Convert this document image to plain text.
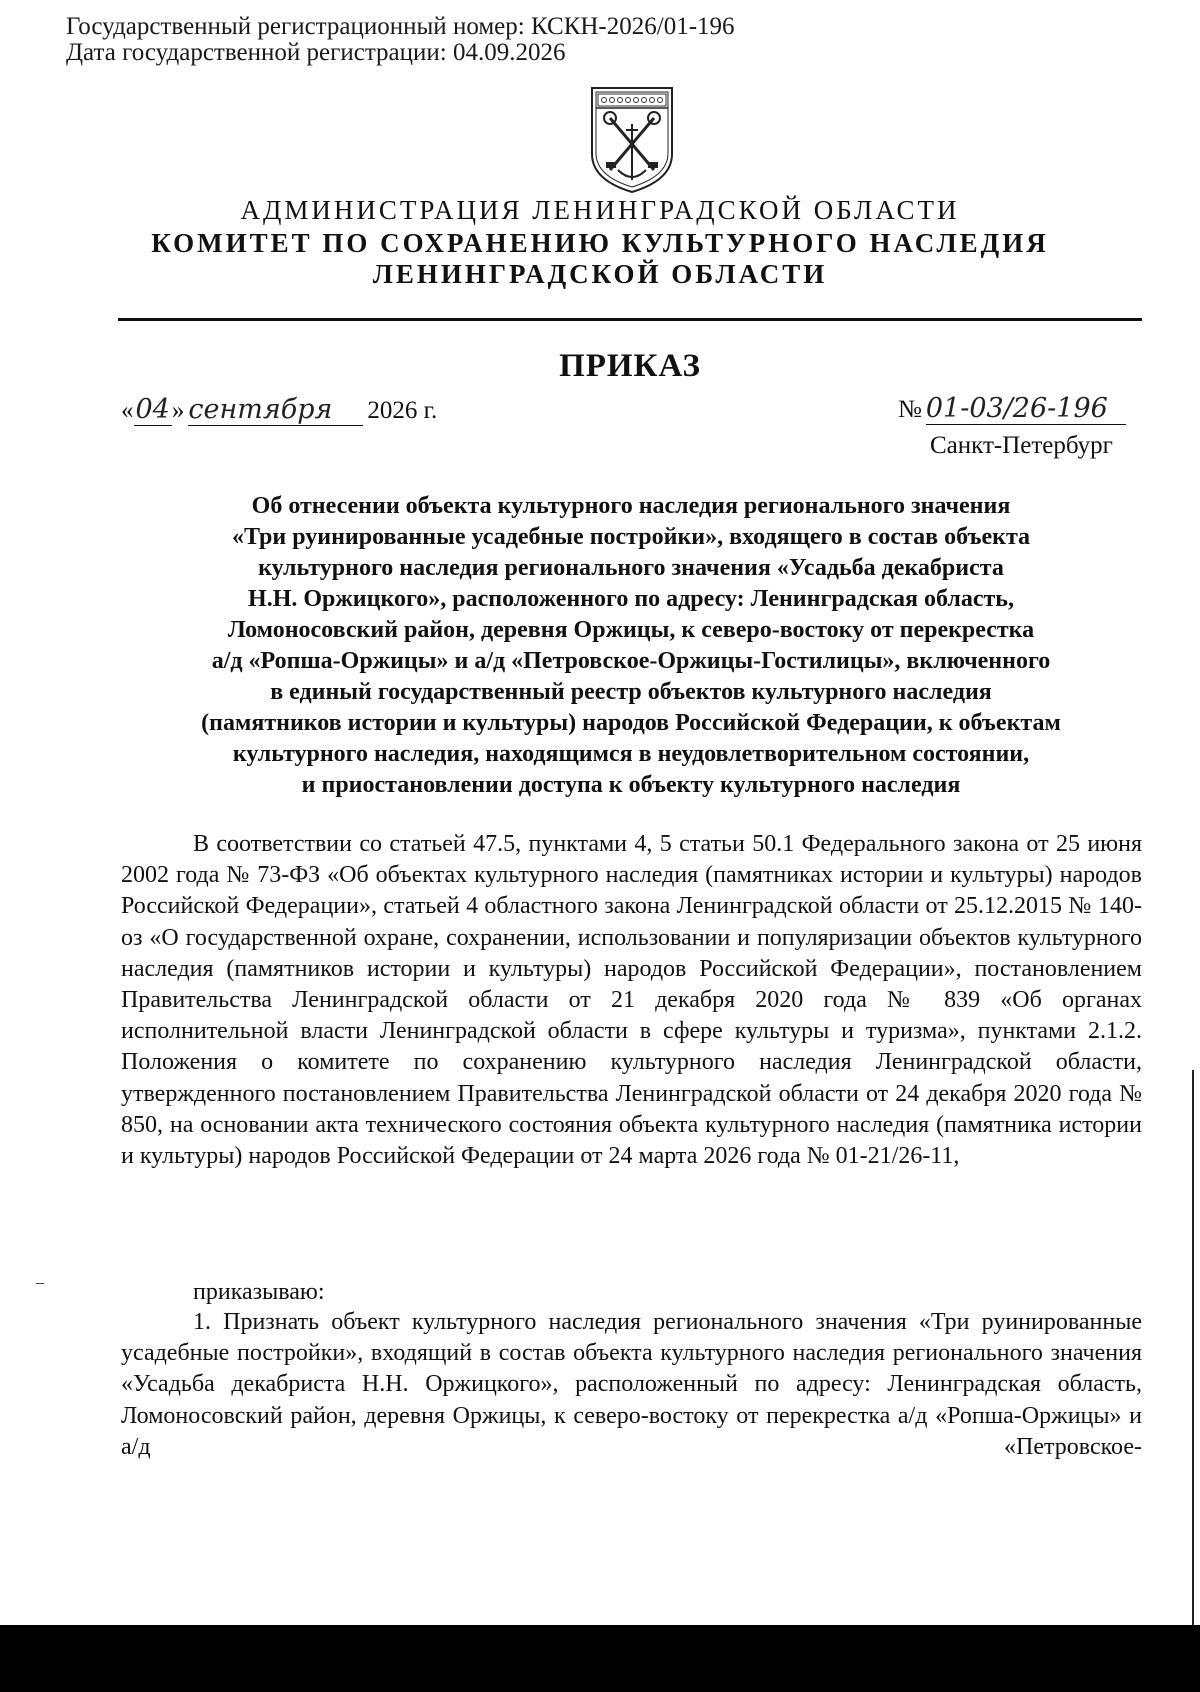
Государственный регистрационный номер: КСКН-2026/01-196
Дата государственной регистрации: 04.09.2026
АДМИНИСТРАЦИЯ ЛЕНИНГРАДСКОЙ ОБЛАСТИ
КОМИТЕТ ПО СОХРАНЕНИЮ КУЛЬТУРНОГО НАСЛЕДИЯ
ЛЕНИНГРАДСКОЙ ОБЛАСТИ
ПРИКАЗ
«04» сентября 2026 г.	№ 01-03/26-196
Санкт-Петербург
Об отнесении объекта культурного наследия регионального значения
«Три руинированные усадебные постройки», входящего в состав объекта
культурного наследия регионального значения «Усадьба декабриста
Н.Н. Оржицкого», расположенного по адресу: Ленинградская область,
Ломоносовский район, деревня Оржицы, к северо-востоку от перекрестка
а/д «Ропша-Оржицы» и а/д «Петровское-Оржицы-Гостилицы», включенного
в единый государственный реестр объектов культурного наследия
(памятников истории и культуры) народов Российской Федерации, к объектам
культурного наследия, находящимся в неудовлетворительном состоянии,
и приостановлении доступа к объекту культурного наследия
В соответствии со статьей 47.5, пунктами 4, 5 статьи 50.1 Федерального закона от 25 июня 2002 года № 73-ФЗ «Об объектах культурного наследия (памятниках истории и культуры) народов Российской Федерации», статьей 4 областного закона Ленинградской области от 25.12.2015 № 140-оз «О государственной охране, сохранении, использовании и популяризации объектов культурного наследия (памятников истории и культуры) народов Российской Федерации», постановлением Правительства Ленинградской области от 21 декабря 2020 года № 839 «Об органах исполнительной власти Ленинградской области в сфере культуры и туризма», пунктами 2.1.2. Положения о комитете по сохранению культурного наследия Ленинградской области, утвержденного постановлением Правительства Ленинградской области от 24 декабря 2020 года № 850, на основании акта технического состояния объекта культурного наследия (памятника истории и культуры) народов Российской Федерации от 24 марта 2026 года № 01-21/26-11,
приказываю:
1. Признать объект культурного наследия регионального значения «Три руинированные усадебные постройки», входящий в состав объекта культурного наследия регионального значения «Усадьба декабриста Н.Н. Оржицкого», расположенный по адресу: Ленинградская область, Ломоносовский район, деревня Оржицы, к северо-востоку от перекрестка а/д «Ропша-Оржицы» и а/д «Петровское-
